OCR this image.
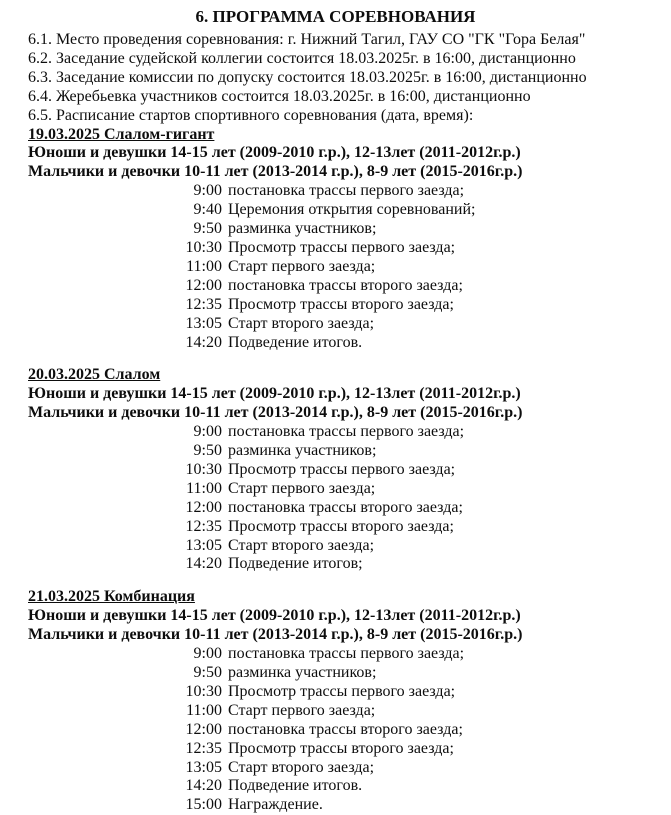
6. ПРОГРАММА СОРЕВНОВАНИЯ

6.1. Место проведения соревнования: г. Нижний Тагил, ГАУ СО "ГК "Гора Белая"

6.2. Заседание судейской коллегии состоится 18.03.2025г. в 16:00, дистанционно

6.3. Заседание комиссии по допуску состоится 18.03.2025г. в 16:00, дистанционно

6.4. Жеребьевка участников состоится 18.03.2025г. в 16:00, дистанционно

6.5. Расписание стартов спортивного соревнования (дата, время):

19.03.2025 Слалом-гигант

Юноши и девушки 14-15 лет (2009-2010 г.р.), 12-13лет (2011-2012г.р.)

Мальчики и девочки 10-11 лет (2013-2014 г.р.), 8-9 лет (2015-2016г.р.)

9:00 постановка трассы первого заезда;
9:40 Церемония открытия соревнований;
9:50 разминка участников;
10:30 Просмотр трассы первого заезда;
11:00 Старт первого заезда;
12:00 постановка трассы второго заезда;
12:35 Просмотр трассы второго заезда;
13:05 Старт второго заезда;
14:20 Подведение итогов.
20.03.2025 Слалом

Юноши и девушки 14-15 лет (2009-2010 г.р.), 12-13лет (2011-2012г.р.)

Мальчики и девочки 10-11 лет (2013-2014 г.р.), 8-9 лет (2015-2016г.р.)

9:00 постановка трассы первого заезда;
9:50 разминка участников;
10:30 Просмотр трассы первого заезда;
11:00 Старт первого заезда;
12:00 постановка трассы второго заезда;
12:35 Просмотр трассы второго заезда;
13:05 Старт второго заезда;
14:20 Подведение итогов;
21.03.2025 Комбинация

Юноши и девушки 14-15 лет (2009-2010 г.р.), 12-13лет (2011-2012г.р.)

Мальчики и девочки 10-11 лет (2013-2014 г.р.), 8-9 лет (2015-2016г.р.)

9:00 постановка трассы первого заезда;
9:50 разминка участников;
10:30 Просмотр трассы первого заезда;
11:00 Старт первого заезда;
12:00 постановка трассы второго заезда;
12:35 Просмотр трассы второго заезда;
13:05 Старт второго заезда;
14:20 Подведение итогов.
15:00 Награждение.
